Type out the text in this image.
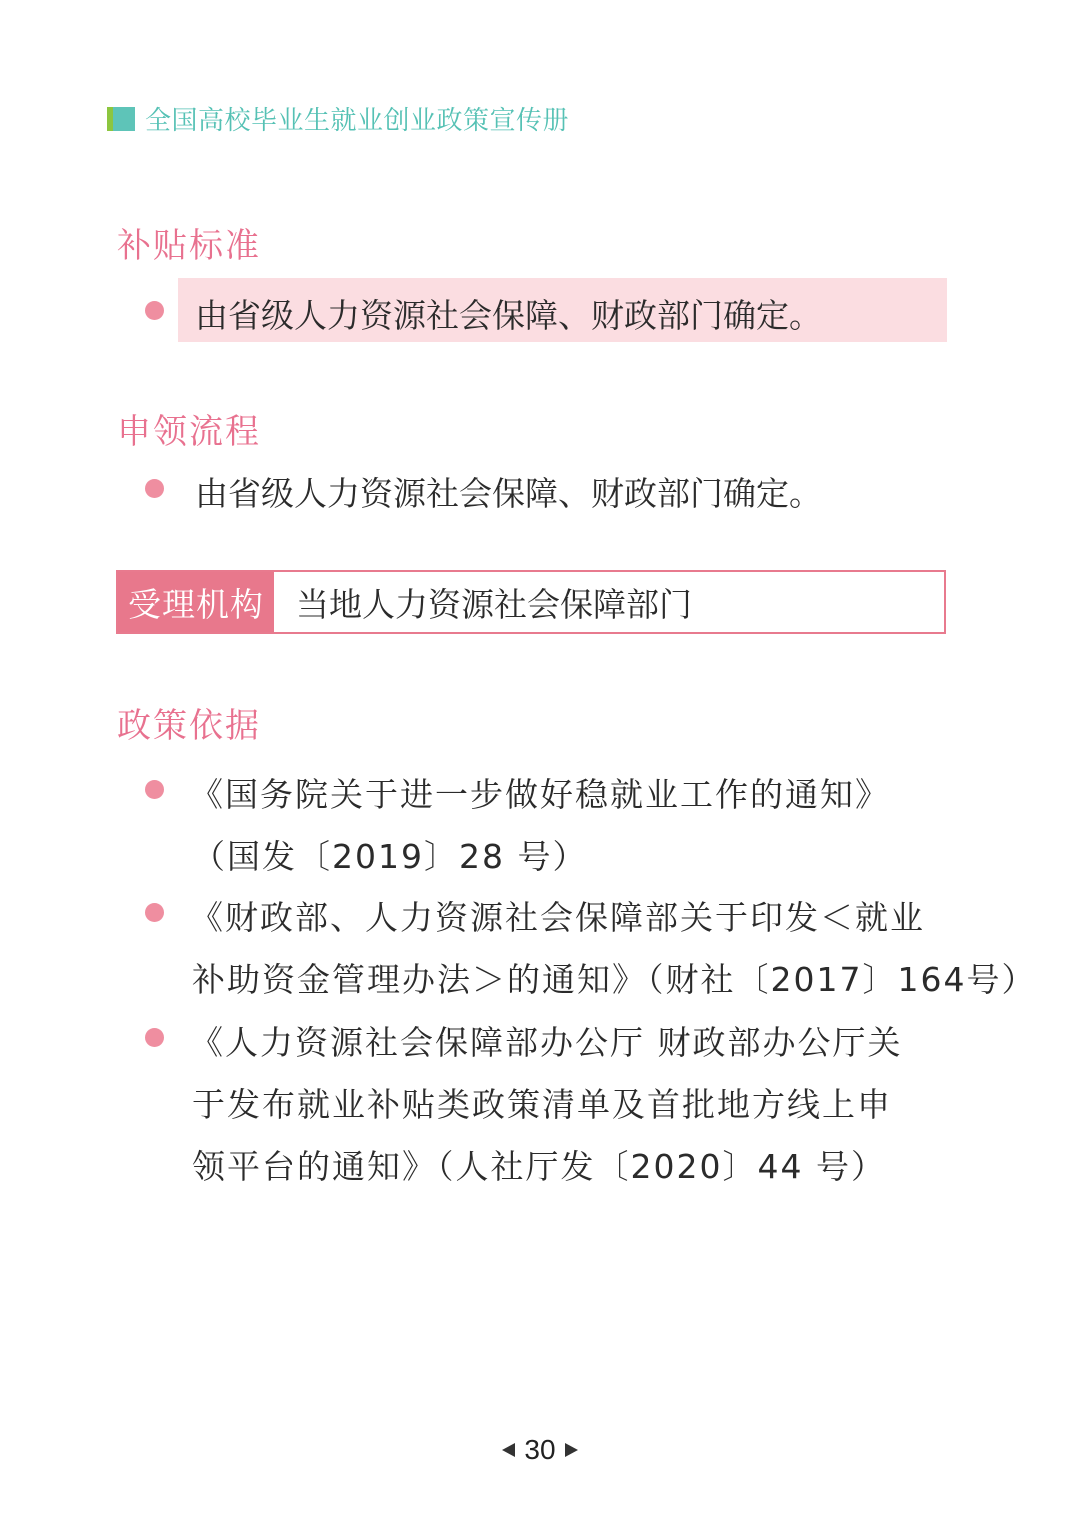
全国高校毕业生就业创业政策宣传册
补贴标准
由省级人力资源社会保障、财政部门确定。
申领流程
由省级人力资源社会保障、财政部门确定。
受理机构 当地人力资源社会保障部门
政策依据
《国务院关于进一步做好稳就业工作的通知》
（国发〔2019〕28 号）
《财政部、人力资源社会保障部关于印发＜就业
补助资金管理办法＞的通知》（财社〔2017〕164号）
《人力资源社会保障部办公厅 财政部办公厅关
于发布就业补贴类政策清单及首批地方线上申
领平台的通知》（人社厅发〔2020〕44 号）
30
